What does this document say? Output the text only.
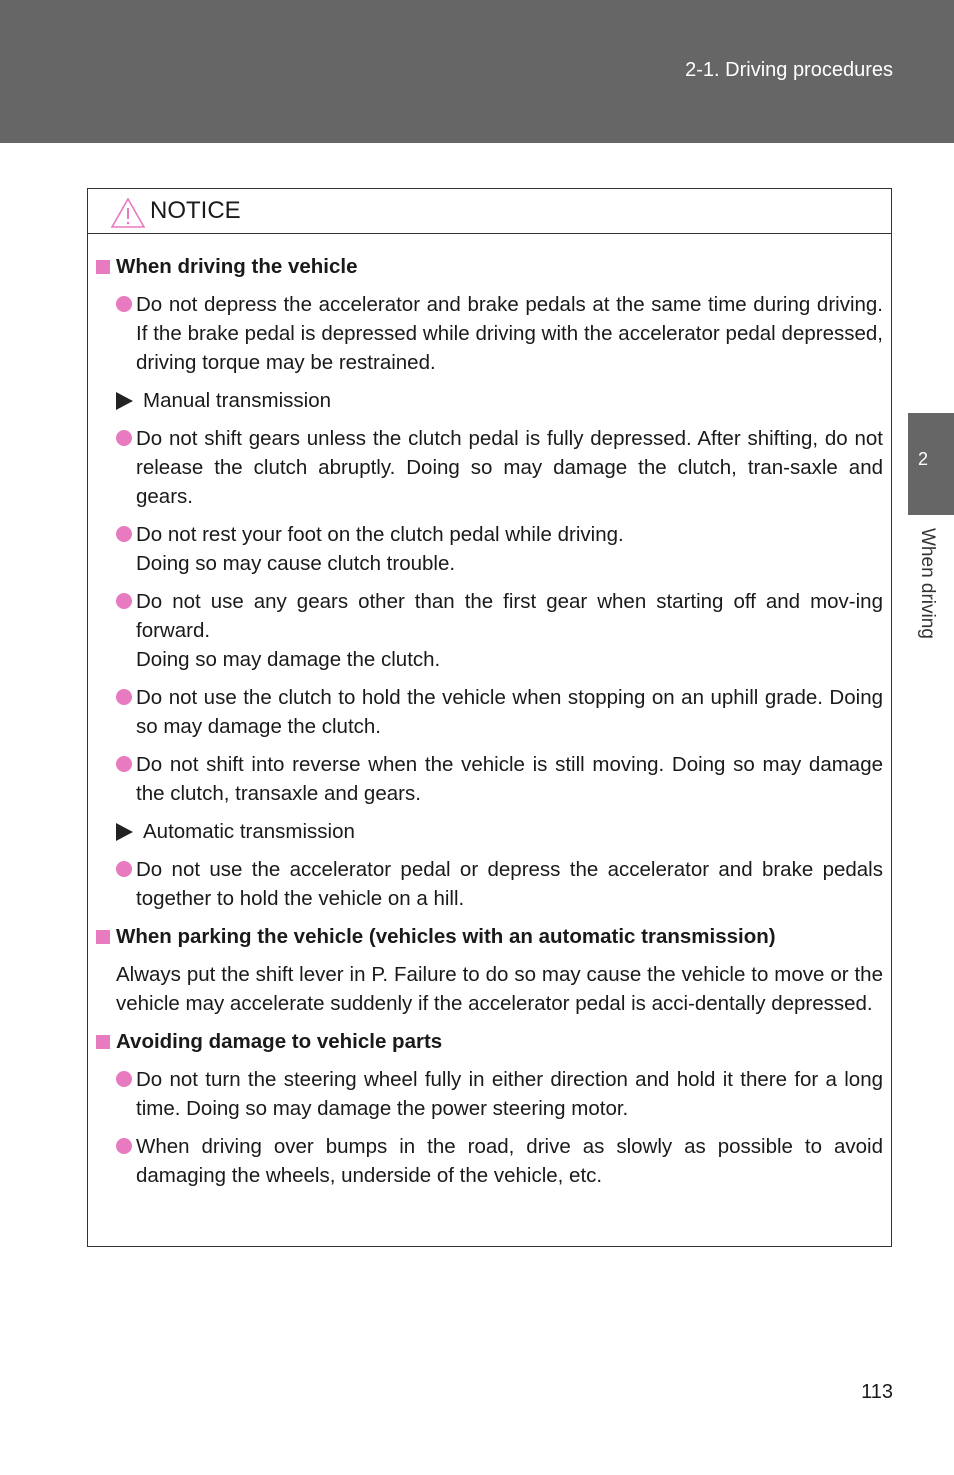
2-1. Driving procedures
2
When driving
NOTICE
When driving the vehicle
Do not depress the accelerator and brake pedals at the same time during driving. If the brake pedal is depressed while driving with the accelerator pedal depressed, driving torque may be restrained.
Manual transmission
Do not shift gears unless the clutch pedal is fully depressed. After shifting, do not release the clutch abruptly. Doing so may damage the clutch, tran-saxle and gears.
Do not rest your foot on the clutch pedal while driving.
Doing so may cause clutch trouble.
Do not use any gears other than the first gear when starting off and mov-ing forward.
Doing so may damage the clutch.
Do not use the clutch to hold the vehicle when stopping on an uphill grade. Doing so may damage the clutch.
Do not shift into reverse when the vehicle is still moving. Doing so may damage the clutch, transaxle and gears.
Automatic transmission
Do not use the accelerator pedal or depress the accelerator and brake pedals together to hold the vehicle on a hill.
When parking the vehicle (vehicles with an automatic transmission)
Always put the shift lever in P. Failure to do so may cause the vehicle to move or the vehicle may accelerate suddenly if the accelerator pedal is acci-dentally depressed.
Avoiding damage to vehicle parts
Do not turn the steering wheel fully in either direction and hold it there for a long time. Doing so may damage the power steering motor.
When driving over bumps in the road, drive as slowly as possible to avoid damaging the wheels, underside of the vehicle, etc.
113
